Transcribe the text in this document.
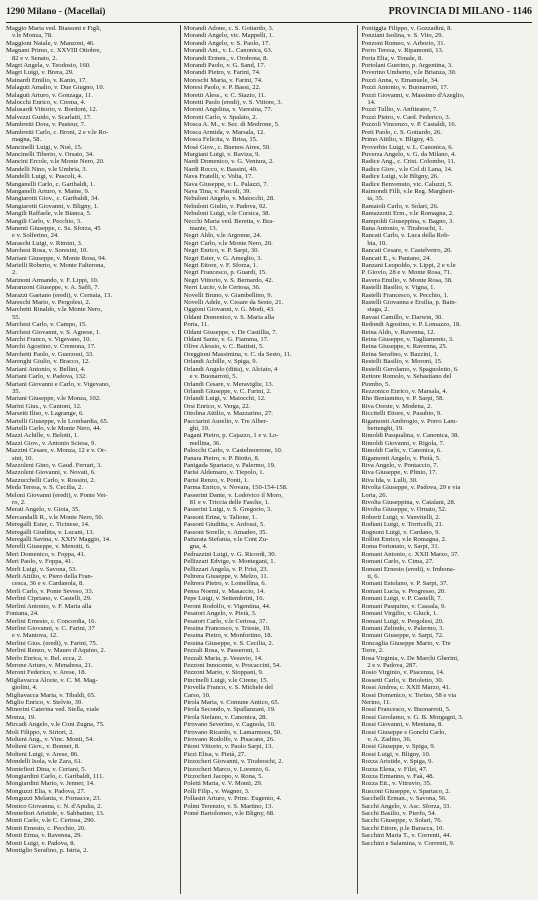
1290 Milano - (Macellai)	PROVINCIA DI MILANO - 1146
Maggio Maria ved. Biassoni e Figli,
v.le Monza, 78.
Maggioni Natale, v. Manzoni, 46.
Magnani Primo, c. XXVIII Ottobre,
82 e v. Senato, 2.
Magri Angela, v. Teodosio, 160.
Magri Luigi, v. Brera, 29.
Mainardi Emilio, v. Kanio, 17.
Malaguti Amalio, v. Due Giugno, 10.
Malaguti Arturo, v. Gonzaga, 11.
Malocchi Enrico, v. Crema, 4.
Malusardi Vittorio, v. Bordoni, 12.
Malvezzi Guido, v. Scarlatti, 17.
Mambretti Dora, v. Pasteur, 7.
Mambretti Carlo, c. Broni, 2 e v.le Ro-
magna, 58.
Mancinelli Luigi, v. Noè, 15.
Mancinelli Tiberio, v. Orsato, 34.
Mancini Ercole, v.le Monte Nero, 20.
Mandelli Nino, v.le Umbria, 3.
Mandelli Luigi, v. Pascoli, 4.
Manganelli Carlo, c. Garibaldi, 1.
Manganelli Arturo, v. Maine, 9.
Mangiarotti Giov., c. Garibaldi, 34.
Mangiarotti Giovanni, v. Bligny, 1.
Mangili Raffaele, v.le Bianca, 5.
Mangili Carlo, v. Pecchio, 3.
Manenti Giuseppe, c. Ss. Sforza, 45
e v. Solferino, 24.
Maraschi Luigi, v. Rimini, 3.
Marchesi Rosa, v. Soresini, 10.
Mariani Giuseppe, v. Monte Rosa, 94.
Marielli Roberto, v. Monte Falterona,
2.
Marinoni Armando, v. F. Lippi, 10.
Maranzoni Giuseppe, v. A. Saffi, 7.
Marazzi Gaetano (eredi), v. Cernaia, 13.
Mareschi Mario, v. Pergolesi, 2.
Marchetti Rinaldo, v.le Monte Nero,
55.
Marchesi Carlo, v. Campo, 15.
Marchesi Giovanni, v. S. Agnese, 1.
Marchi Franco, v. Vigevano, 10.
Marchi Agostino, v. Cremona, 17.
Marchetti Paolo, v. Guerzoni, 33.
Marenghi Giulio, v. Bracco, 12.
Mariani Antonio, v. Bellini, 4.
Mariani Carlo, v. Padova, 132.
Mariani Giovanni e Carlo, v. Vigevano,
35.
Mariani Giuseppe, v.le Monza, 102.
Marini Gius., v. Cantoni, 12.
Marsetti Iliso, v. Lagrange, 6.
Martelli Giuseppe, v.le Lombardia, 65.
Martelli Carlo, v.le Monte Nero, 44.
Mazzi Achille, v. Belotti, 1.
Mazzi Giov., v. Antonio Sciesa, 9.
Mazzini Cesare, v. Monza, 12 e v. Or-
sini, 10.
Mazzoleni Gino, v. Gaud. Ferrari, 3.
Mazzoleni Giovanni, v. Novati, 6.
Mazzucchelli Carlo, v. Rossini, 2.
Meda Teresa, v. S. Cecilia, 2.
Meloni Giovanni (eredi), v. Ponte Vet-
ro, 2.
Merati Angelo, v. Gioia, 35.
Mercandalli R., v.le Monte Nero, 50.
Meregalli Ester, c. Ticinese, 14.
Meregalli Giuditta, v. Lucani, 13.
Meregalli Savina, v. XXIV Maggio, 14.
Merelli Giuseppe, v. Menotti, 6.
Meri Domenico, v. Foppa, 41.
Meri Paolo, v. Foppa, 41.
Merli Luigi, v. Savona, 53.
Merli Attilio, v. Piero della Fran-
cesca, 36 e v. Cardanola, 8.
Merli Carlo, v. Ponte Seveso, 33.
Merlini Cipriano, v. Castelli, 29.
Merlini Antonio, v. F. Maria alla
Fontana, 24.
Merlini Ernesto, c. Concordia, 16.
Merlini Giovanni, v. C. Farini, 37
e v. Mantova, 12.
Merlini Gius. (eredi), v. Farini, 75.
Merlini Renzo, v. Mauro d'Aquino, 2.
Merlo Enrica, v. Bel. ecca, 2.
Merone Arturo, v. Menabrea, 21.
Meroni Federico, v. Arese, 18.
Migliavacca Alcete, v. C. M. Mag-
giolini, 4.
Migliavacca Maria, v. Tibaldi, 65.
Miglio Enrico, v. Stelvio, 39.
Minorini Caterina ved. Stella, viale
Monza, 19.
Mircadi Angelo, v.le Coni Zugna, 75.
Moli Filippo, v. Sirtori, 2.
Molteni Ang., v. Vinc. Monti, 54.
Molteni Giov., v. Bonnet, 8.
Molteni Luigi, v. Arese, 86.
Mondelli Isola, v.le Zara, 61.
Montefiori Dina, v. Ceriani, 5.
Mongiardini Carlo, c. Garibaldi, 111.
Mongiardini Mario, v. Jenner, 14.
Monguzzi Elia, v. Padova, 27.
Monguzzi Melania, v. Fornacce, 23.
Monico Giovanna, c. N. d'Apulia, 2.
Montefiori Aristide, v. Sabbatino, 13.
Monti Carlo, v.le C. Certosa, 290.
Monti Ernesto, c. Pecchio, 20.
Monti Erma, v. Ravenna, 29.
Monti Luigi, v. Padova, 8.
Montiglio Serafino, p. Istria, 2.
Morandi Adone, c. S. Gottardo, 3.
Morandi Angelo, vic. Mappelli, 1.
Morandi Angelo, v. S. Paolo, 17.
Morandi Ant., v. L. Canonica, 63.
Morandi Ermen., v. Orobona, 8.
Morandi Paolo, v. G. Sand, 17.
Morandi Pietro, v. Farini, 74.
Moreschi Maria, v. Farini, 74.
Moresi Paolo, v. P. Bassi, 22.
Moretti Aless., v. C. Stazio, 11.
Moretti Paolo (eredi), v. S. Vittore, 3.
Moroni Angelina, v. Varesina, 77.
Moroni Carlo, v. Spalato, 2.
Mosca A. M., v. Sez. di Modrone, 5.
Mosca Armida, v. Marsala, 12.
Mosca Felicita, v. Brisa, 15.
Mosè Giov., c. Buenos Aires, 50.
Murgiani Luigi, v. Raviza, 9.
Nardi Domenico, v. G. Ventura, 2.
Nardi Rocco, v. Bassini, 49.
Nava Fratelli, v. Volta, 17.
Nava Giuseppe, v. L. Palazzi, 7.
Nava Tina, v. Pascoli, 39.
Nebuloni Angelo, v. Maiocchi, 28.
Nebuloni Giulio, v. Padova, 92.
Nebuloni Luigi, v.le Corsica, 38.
Necchi Maria ved. Beretta, v. Bra-
mante, 13.
Negri Aldo, v.le Argonne, 24.
Negri Carlo, v.le Monte Nero, 20.
Negri Enrico, v. P. Sarpi, 30.
Negri Ester, v. G. Ameglio, 3.
Negri Ettore, v. F. Sforza, 1.
Negri Francesco, p. Guardi, 15.
Negri Vittorio, v. S. Bernardo, 42.
Nerri Lucio, v.le Certosa, 36.
Novelli Bruno, v. Giambellino, 9.
Novelli Adele, v. Cesare da Sesto, 21.
Oggioni Giovanni, v. G. Modi, 43.
Oldani Domenico, v. S. Maria alla
Porta, 11.
Oldani Giuseppe, v. De Castillia, 7.
Oldani Sante, v. G. Fiamma, 17.
Olive Alessio, v. C. Battisti, 5.
Oreggioni Massimina, v. C. da Sesto, 11.
Orlandi Achille, v. Spiga, 9.
Orlandi Angelo (ditta), v. Alciato, 4
e v. Buonarroti, 5.
Orlandi Cesare, v. Meraviglie, 13.
Orlandi Giuseppe, v. C. Farini, 2.
Orlandi Luigi, v. Maiocchi, 12.
Orsi Enrico, v. Verga, 22.
Ottolina Attilio, v. Mazzarino, 27.
Pacciarini Aurelio, v. Tre Alber-
ghi, 19.
Pagani Pietro, p. Cajazzo, 1 e v. Lo-
mellina, 36.
Palocchi Carlo, v. Castelmorrone, 10.
Panara Pietro, v. P. Biotto, 8.
Panigada Spartaco, v. Palermo, 19.
Parisi Aldemaro, v. Tiepolo, 1.
Parisi Renzo, v. Ponti, 1.
Parma Enrico, v. Novara, 150-154-158.
Passerini Dante, v. Lodovico il Moro,
81 e v. Triccia delle Fasche, 1.
Passerini Luigi, v. S. Gregorio, 3.
Passoni Erina, v. Talione, 1.
Passoni Giuditta, v. Anfossi, 5.
Passoni Sorelle, v. Amadeo, 35.
Pattarata Stefania, v.le Cont Zu-
gna, 4.
Pedrazzini Luigi, v. G. Ricordi, 30.
Pellizzari Edvige, v. Montegani, 1.
Pellizzari Angela, v. P. Frisi, 23.
Peltrera Giuseppe, v. Melzo, 11.
Peltrera Pietro, v. Lomellina, 6.
Pensa Noemi, v. Masaccio, 14.
Pepe Luigi, v. Settembrini, 16.
Peroni Rodolfo, v. Vigentina, 44.
Pesatori Angelo, v. Pietà, 3.
Pesatori Carlo, v.le Certosa, 37.
Pessina Francesco, v. Trieste, 19.
Pessina Pietro, v. Monfortino, 18.
Pessina Giuseppe, v. S. Cecilia, 2.
Pezzali Rosa, v. Passeroni, 1.
Pezzali Maria, p. Vesuvio, 14.
Pezzoni Innocente, v. Procaccini, 54.
Pezzoni Mario, v. Stoppani, 9.
Pincinelli Luigi, v.le Cirene, 15.
Piovella Franco, v. S. Michele del
Carso, 10.
Pirola Maria, v. Comune Antico, 65.
Pirola Secondo, v. Spallanzani, 19.
Pirola Stefano, v. Canonica, 28.
Pirovano Severino, v. Cagnola, 10.
Pirovano Ricardo, v. Lamarmora, 50.
Pirovano Rodolfo, v. Pisacane, 26.
Pitoni Vittorio, v. Paolo Sarpi, 13.
Pizzi Elisa, v. Pietà, 27.
Pizzocheri Giovanni, v. Tiraboschi, 2.
Pizzocheri Marco, v. Lorenzo, 6.
Pizzocheri Jacopo, v. Rona, 5.
Poletti Maria, v. V. Monti, 29.
Polli Filip., v. Wagner, 3.
Pollastri Arturo, v. Princ. Eugenio, 4.
Polmi Terenzio, v. S. Martino, 13.
Pomè Bartolomeo, v.le Bligny, 68.
Pontiggia Filippo, v. Gozzadini, 8.
Ponziani Isolina, v. S. Vito, 29.
Ponzoni Romeo, v. Arborio, 31.
Porro Teresa, v. Ripamonti, 13.
Porta Elia, v. Tonale, 8.
Portolani Guerino, p. Argentina, 3.
Poverino Umberto, v.le Brianza, 30.
Pozzi Anna, v. Emanuele, 34.
Pozzi Antonio, v. Buonarroti, 17.
Pozzi Giovanni, v. Massimo d'Azeglio,
14.
Pozzi Tullio, v. Anfiteatro, 7.
Pozzi Pietro, v. Card. Federico, 3.
Pozzoli Vincenzo, v. P. Castaldi, 16.
Preti Paolo, c. S. Gottardo, 26.
Primo Attilio, v. Bligny, 43.
Proverbio Luigi, v. L. Canonica, 6.
Puverza Angelo, v. G. da Milano, 4.
Radice Ang., c. Crist. Colombo, 11.
Radice Giov., v.le Col di Lana, 14.
Radice Luigi, v.le Bligny, 26.
Radice Benvenuto, vic. Caluzzi, 5.
Raimondi Filli, v.le Reg. Margheri-
ta, 35.
Ramaioli Carlo, v. Solari, 26.
Ramazzotti Erm., v.le Romagna, 2.
Rampoldi Giuseppina, v. Bagno, 3.
Rana Antonio, v. Tiraboschi, 1.
Rancati Carlo, v. Luca della Rob-
bia, 10.
Rancati Cesare, v. Castelvetro, 20.
Rancati E., v. Pantano, 24.
Ranzani Leopoldo, v. Lippi, 2 e v.le
P. Giovio, 28 e v. Monte Rosa, 71.
Ravera Emilio, v. Monte Rosa, 38.
Rastelli Basilio, v. Vigna, 1.
Rastelli Francesco, v. Pecchio, 1.
Rastelli Giovanna e Ersilia, p. Bain-
siaga, 2.
Ravasi Camillo, v. Darwin, 30.
Redondi Agostino, v. P. Lomazzo, 18.
Reina Aldo, v. Ravenna, 12.
Reina Giuseppe, v. Tagliamento, 3.
Reina Giuseppe, v. Ravenna, 25.
Reina Serafino, v. Bazzini, 1.
Restelli Basilio, v. Moroni, 15.
Restelli Gerolamo, v. Spagnoletto, 6.
Rettore Romolo, v. Sebastiano del
Piombo, 5.
Rezzonico Enrico, v. Marsala, 4.
Rho Beniamino, v. P. Sarpi, 58.
Riva Oreste, v. Modena, 2.
Riccitelli Ettore, v. Pasubio, 9.
Rigamonti Ambrogio, v. Porro Lam-
bertenghi, 19.
Rimoldi Pasqualina, v. Canonica, 38.
Rimoldi Giovanni, v. Rigola, 7.
Rimoldi Carlo, v. Canonica, 6.
Rigamonti Angelo, v. Pietà, 5.
Riva Angelo, v. Pontaccio, 7.
Riva Giuseppe, v. Plinio, 17.
Riva Ida, v. Lulli, 30.
Rivolta Giuseppe, v. Padova, 29 e via
Loria, 26.
Rivolta Giuseppina, v. Catalani, 28.
Rivolta Giuseppe, v. Ornato, 52.
Roberti Luigi, v. Vanvitelli, 2.
Rodiani Luigi, v. Torricelli, 21.
Rognoni Luigi, v. Cardano, 9.
Rollini Enrico, v.le Romagna, 2.
Roma Fortunato, v. Sarpi, 31.
Romani Antonio, c. XXII Marzo, 37.
Romani Carlo, v. Cima, 27.
Romani Ernesto (eredi), v. Imbona-
ti, 6.
Romani Estolano, v. P. Sarpi, 37.
Romani Lucia, v. Progresso, 20.
Romani Luigi, v. P. Castelli, 7.
Romani Pasquino, v. Cassala, 9.
Romani Virgilio, v. Gluck, 1.
Romani Luigi, v. Pergolesi, 20.
Romani Zelindo, v. Palermo, 3.
Romani Giuseppe, v. Sarpi, 72.
Roncaglia Giuseppe Mario, v. Tre
Torre, 2.
Rosa Virginia, v. De Marchi Gherini,
2 e v. Padova, 287.
Rosio Virginio, v. Piacenza, 14.
Rossetti Carlo, v. Brioletto, 30.
Rossi Andrea, c. XXII Marzo, 41.
Rossi Domenico, v. Torino, 58 e via
Nerino, 11.
Rossi Francesco, v. Buonarroti, 5.
Rossi Gerolamo, v. G. B. Morgagni, 3.
Rossi Giovanni, v. Mentana, 8.
Rossi Giuseppe e Gonchi Carlo,
v. A. Zadino, 36.
Rossi Giuseppe, v. Spiga, 9.
Rossi Luigi, v. Bligny, 10.
Rozza Aristide, v. Spiga, 9.
Rozza Elena, v. Filzi, 47.
Rozza Ermanno, v. Faà, 48.
Rozza Ett., v. Vitruvio, 35.
Rusconi Giuseppe, v. Spartaco, 2.
Sacchelli Erman., v. Savona, 56.
Sacchi Angelo, v. Asc. Sforza, 33.
Sacchi Basilio, v. Pierfo, 54.
Sacchi Giuseppe, v. Solari, 76.
Sacchi Ettore, p.le Baracca, 10.
Sacchini Maria T., v. Correnti, 44.
Sacchini e Salamina, v. Correnti, 9.
